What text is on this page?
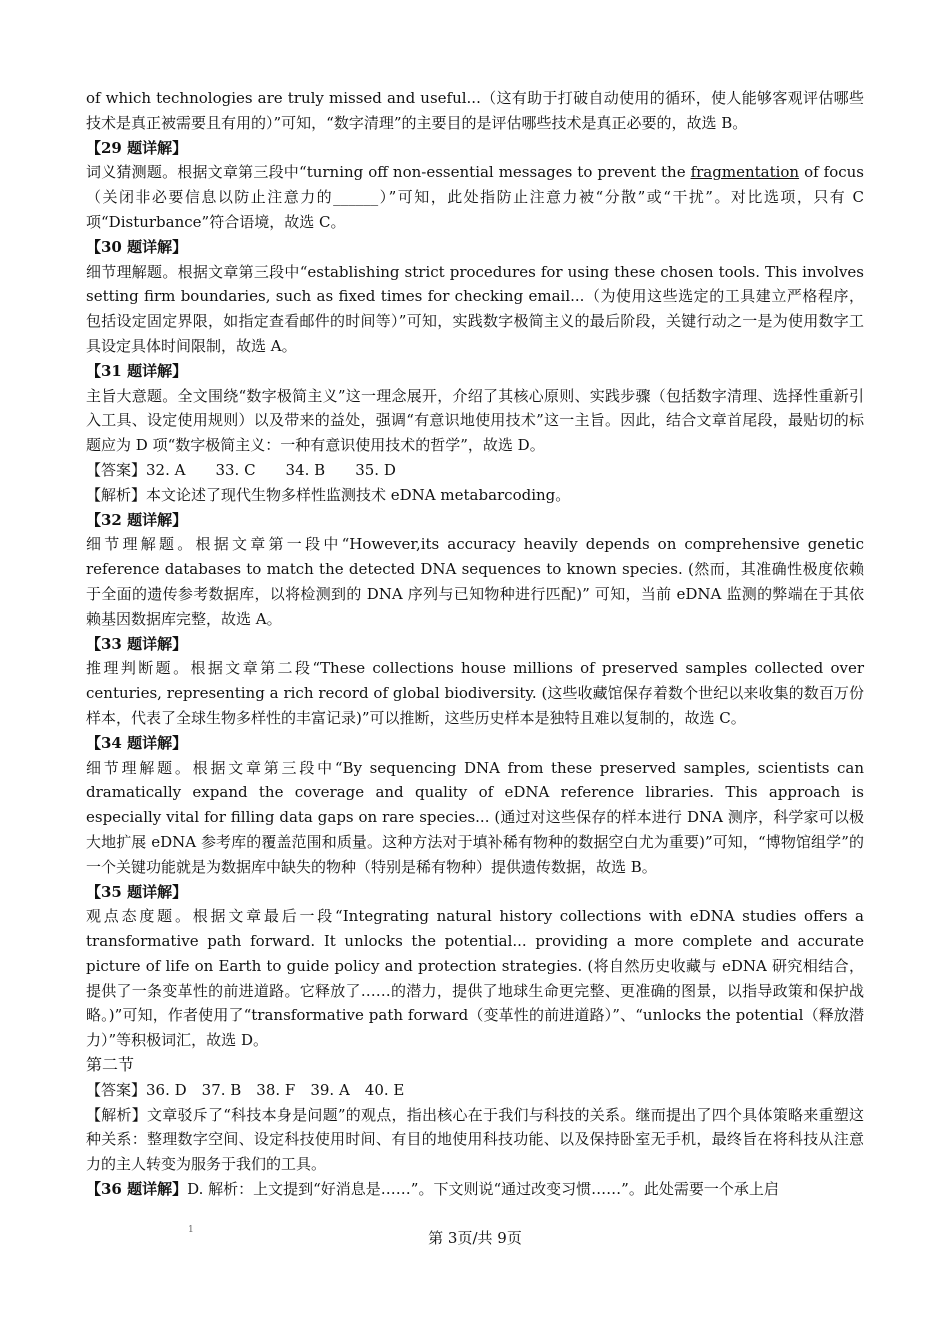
of which technologies are truly missed and useful...（这有助于打破自动使用的循环，使人能够客观评估哪些技术是真正被需要且有用的）”可知，“数字清理”的主要目的是评估哪些技术是真正必要的，故选 B。
【29 题详解】
词义猜测题。根据文章第三段中“turning off non-essential messages to prevent the fragmentation of focus（关闭非必要信息以防止注意力的______）”可知，此处指防止注意力被“分散”或“干扰”。对比选项，只有 C 项“Disturbance”符合语境，故选 C。
【30 题详解】
细节理解题。根据文章第三段中“establishing strict procedures for using these chosen tools. This involves setting firm boundaries, such as fixed times for checking email...（为使用这些选定的工具建立严格程序，包括设定固定界限，如指定查看邮件的时间等）”可知，实践数字极简主义的最后阶段，关键行动之一是为使用数字工具设定具体时间限制，故选 A。
【31 题详解】
主旨大意题。全文围绕“数字极简主义”这一理念展开，介绍了其核心原则、实践步骤（包括数字清理、选择性重新引入工具、设定使用规则）以及带来的益处，强调“有意识地使用技术”这一主旨。因此，结合文章首尾段，最贴切的标题应为 D 项“数字极简主义：一种有意识使用技术的哲学”，故选 D。
【答案】32. A　　33. C　　34. B　　35. D
【解析】本文论述了现代生物多样性监测技术 eDNA metabarcoding。
【32 题详解】
细节理解题。根据文章第一段中“However,its accuracy heavily depends on comprehensive genetic reference databases to match the detected DNA sequences to known species. (然而，其准确性极度依赖于全面的遗传参考数据库，以将检测到的 DNA 序列与已知物种进行匹配)” 可知，当前 eDNA 监测的弊端在于其依赖基因数据库完整，故选 A。
【33 题详解】
推理判断题。根据文章第二段“These collections house millions of preserved samples collected over centuries, representing a rich record of global biodiversity. (这些收藏馆保存着数个世纪以来收集的数百万份样本，代表了全球生物多样性的丰富记录)”可以推断，这些历史样本是独特且难以复制的，故选 C。
【34 题详解】
细节理解题。根据文章第三段中“By sequencing DNA from these preserved samples, scientists can dramatically expand the coverage and quality of eDNA reference libraries. This approach is especially vital for filling data gaps on rare species... (通过对这些保存的样本进行 DNA 测序，科学家可以极大地扩展 eDNA 参考库的覆盖范围和质量。这种方法对于填补稀有物种的数据空白尤为重要)”可知，“博物馆组学”的一个关键功能就是为数据库中缺失的物种（特别是稀有物种）提供遗传数据，故选 B。
【35 题详解】
观点态度题。根据文章最后一段“Integrating natural history collections with eDNA studies offers a transformative path forward. It unlocks the potential... providing a more complete and accurate picture of life on Earth to guide policy and protection strategies. (将自然历史收藏与 eDNA 研究相结合，提供了一条变革性的前进道路。它释放了……的潜力，提供了地球生命更完整、更准确的图景，以指导政策和保护战略。)”可知，作者使用了“transformative path forward（变革性的前进道路）”、“unlocks the potential（释放潜力）”等积极词汇，故选 D。
第二节
【答案】36. D　37. B　38. F　39. A　40. E
【解析】文章驳斥了“科技本身是问题”的观点，指出核心在于我们与科技的关系。继而提出了四个具体策略来重塑这种关系：整理数字空间、设定科技使用时间、有目的地使用科技功能、以及保持卧室无手机，最终旨在将科技从注意力的主人转变为服务于我们的工具。
【36 题详解】D. 解析：上文提到“好消息是……”。下文则说“通过改变习惯……”。此处需要一个承上启
1	第 3页/共 9页
